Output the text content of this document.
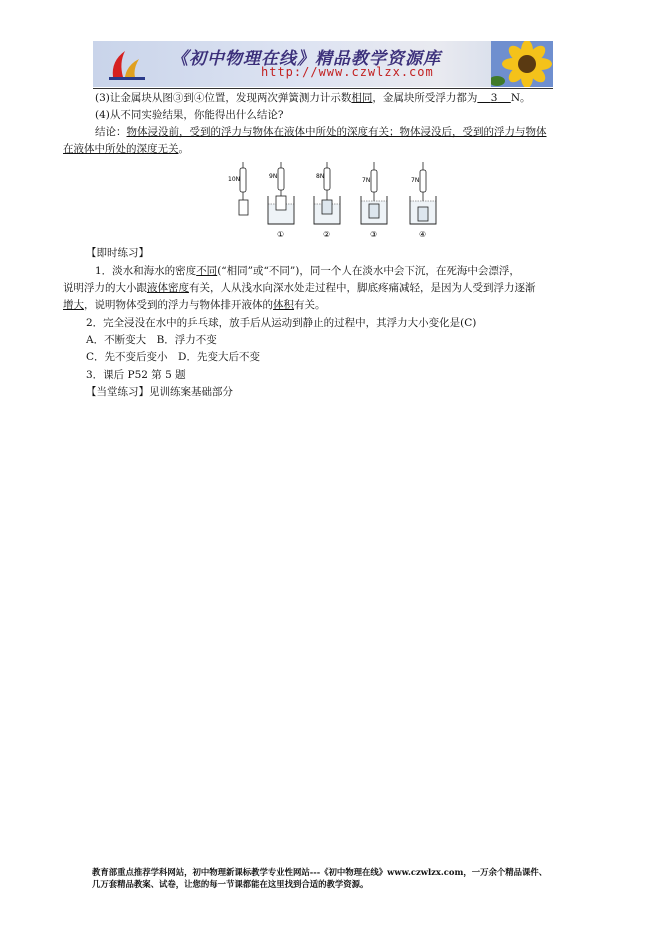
《初中物理在线》精品教学资源库
http://www.czwlzx.com
(3)让金属块从图③到④位置，发现两次弹簧测力计示数相同，金属块所受浮力都为   3   N。
(4)从不同实验结果，你能得出什么结论?
结论：物体浸没前，受到的浮力与物体在液体中所处的深度有关；物体浸没后，受到的浮力与物体
在液体中所处的深度无关。
10N	9N
①
8N
②
7N
③
7N
④
【即时练习】
1．淡水和海水的密度不同(“相同”或“不同”)，同一个人在淡水中会下沉，在死海中会漂浮，
说明浮力的大小跟液体密度有关，人从浅水向深水处走过程中，脚底疼痛减轻，是因为人受到浮力逐渐
增大，说明物体受到的浮力与物体排开液体的体积有关。
2．完全浸没在水中的乒乓球，放手后从运动到静止的过程中，其浮力大小变化是(C)
A．不断变大　B．浮力不变
C．先不变后变小　D．先变大后不变
3．课后 P52 第 5 题
【当堂练习】见训练案基础部分
教育部重点推荐学科网站，初中物理新课标教学专业性网站---《初中物理在线》www.czwlzx.com，一万余个精品课件、
几万套精品教案、试卷，让您的每一节课都能在这里找到合适的教学资源。
